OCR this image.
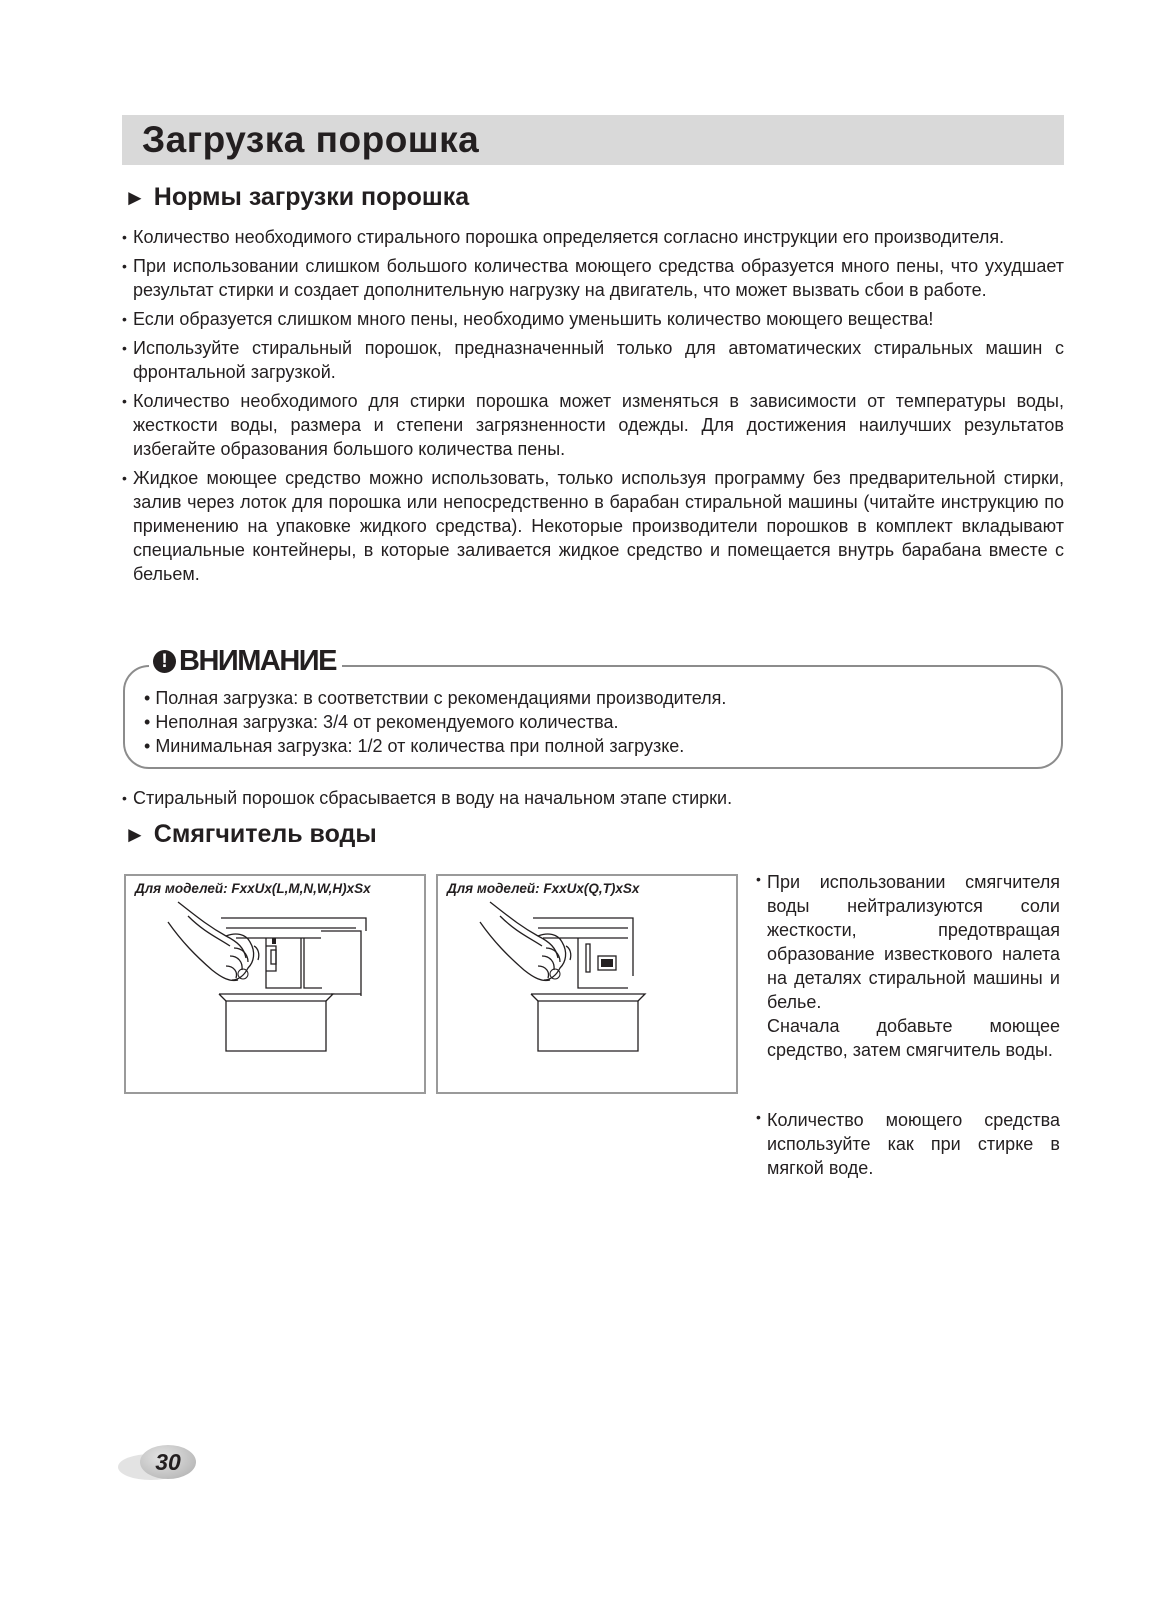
Загрузка порошка
► Нормы загрузки порошка
• Количество необходимого стирального порошка определяется согласно инструкции его производителя.
• При использовании слишком большого количества моющего средства образуется много пены, что ухудшает результат стирки и создает дополнительную нагрузку на двигатель, что может вызвать сбои в работе.
• Если образуется слишком много пены, необходимо уменьшить количество моющего вещества!
• Используйте стиральный порошок, предназначенный только для автоматических стиральных машин с фронтальной загрузкой.
• Количество необходимого для стирки порошка может изменяться в зависимости от температуры воды, жесткости воды, размера и степени загрязненности одежды. Для достижения наилучших результатов избегайте образования большого количества пены.
• Жидкое моющее средство можно использовать, только используя программу без предварительной стирки, залив через лоток для порошка или непосредственно в барабан стиральной машины (читайте инструкцию по применению на упаковке жидкого средства). Некоторые производители порошков в комплект вкладывают специальные контейнеры, в которые заливается жидкое средство и помещается внутрь барабана вместе с бельем.
! ВНИМАНИЕ
• Полная загрузка: в соответствии с рекомендациями производителя.
• Неполная загрузка: 3/4 от рекомендуемого количества.
• Минимальная загрузка: 1/2 от количества при полной загрузке.
• Стиральный порошок сбрасывается в воду на начальном этапе стирки.
► Смягчитель воды
Для моделей: FxxUx(L,M,N,W,H)xSx	Для моделей: FxxUx(Q,T)xSx

•	При использовании смягчителя воды нейтрализуются соли жесткости, предотвращая образование известкового налета на деталях стиральной машины и белье.

Сначала добавьте моющее средство, затем смягчитель воды.

• Количество моющего средства используйте как при стирке в мягкой воде.
30
